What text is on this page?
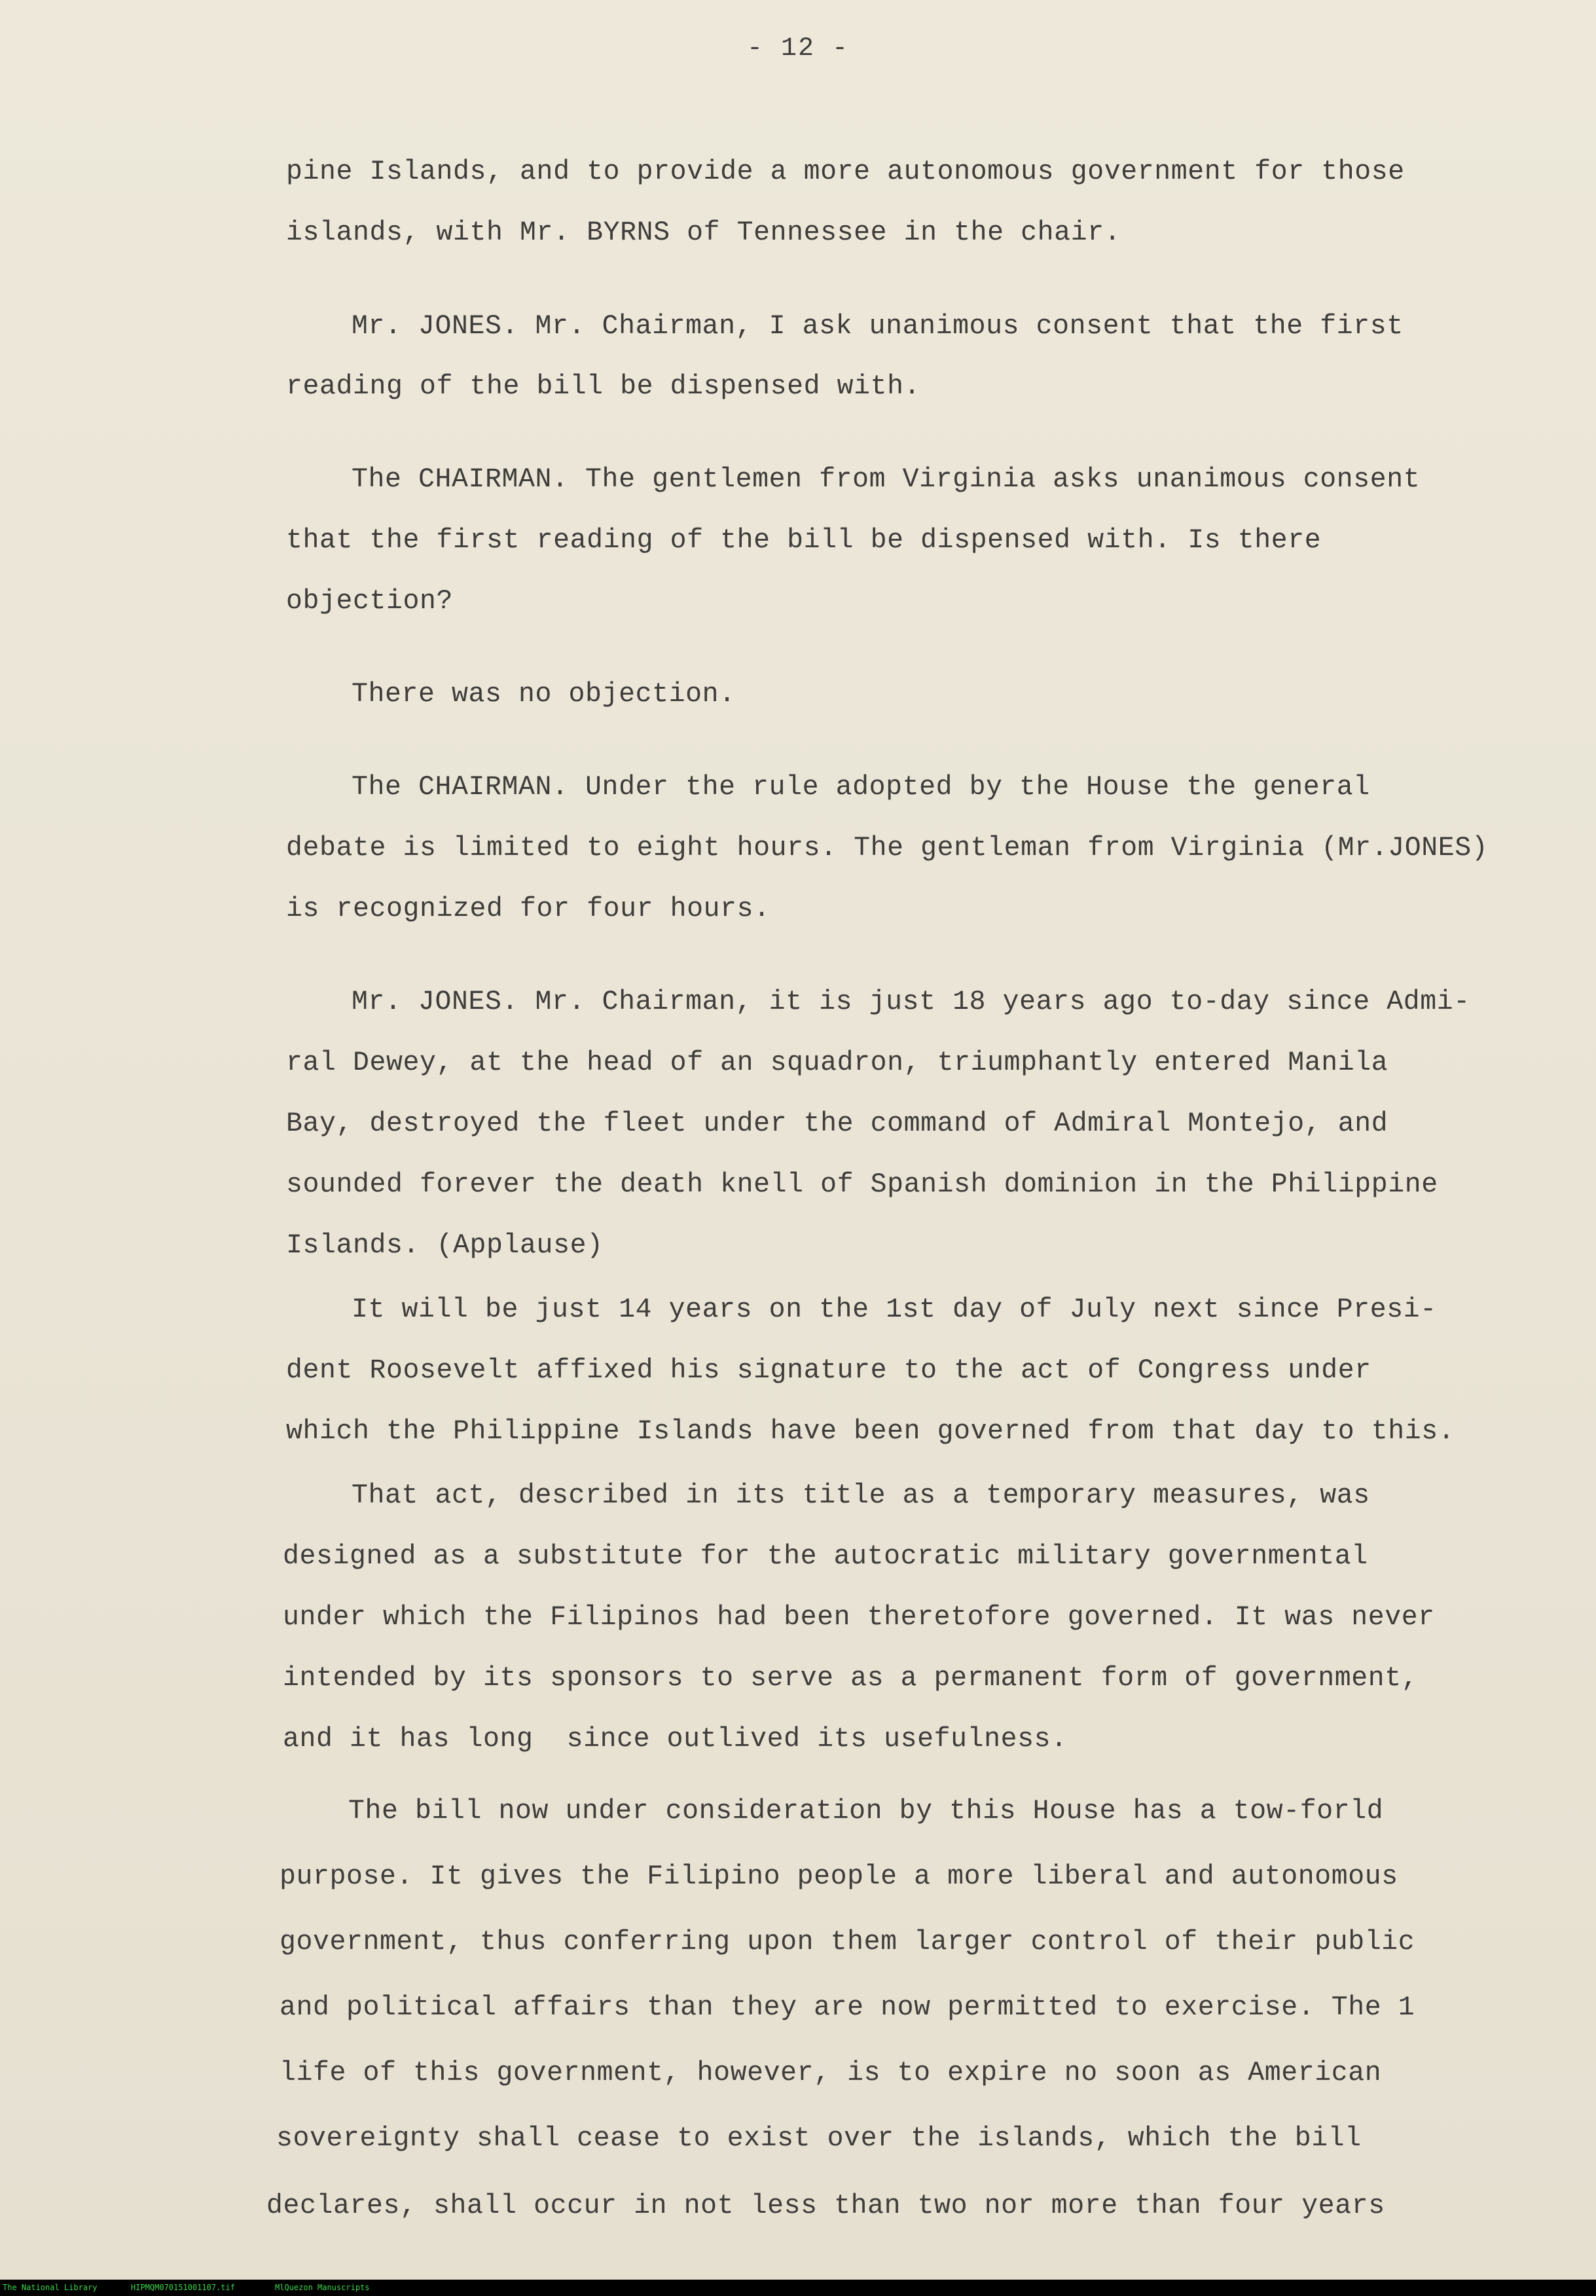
- 12 -
pine Islands, and to provide a more autonomous government for those
islands, with Mr. BYRNS of Tennessee in the chair.
Mr. JONES. Mr. Chairman, I ask unanimous consent that the first
reading of the bill be dispensed with.
The CHAIRMAN. The gentlemen from Virginia asks unanimous consent
that the first reading of the bill be dispensed with. Is there
objection?
There was no objection.
The CHAIRMAN. Under the rule adopted by the House the general
debate is limited to eight hours. The gentleman from Virginia (Mr.JONES)
is recognized for four hours.
Mr. JONES. Mr. Chairman, it is just 18 years ago to-day since Admi-
ral Dewey, at the head of an squadron, triumphantly entered Manila
Bay, destroyed the fleet under the command of Admiral Montejo, and
sounded forever the death knell of Spanish dominion in the Philippine
Islands. (Applause)
It will be just 14 years on the 1st day of July next since Presi-
dent Roosevelt affixed his signature to the act of Congress under
which the Philippine Islands have been governed from that day to this.
That act, described in its title as a temporary measures, was
designed as a substitute for the autocratic military governmental
under which the Filipinos had been theretofore governed. It was never
intended by its sponsors to serve as a permanent form of government,
and it has long  since outlived its usefulness.
The bill now under consideration by this House has a tow-forld
purpose. It gives the Filipino people a more liberal and autonomous
government, thus conferring upon them larger control of their public
and political affairs than they are now permitted to exercise. The 1
life of this government, however, is to expire no soon as American
sovereignty shall cease to exist over the islands, which the bill
declares, shall occur in not less than two nor more than four years
The National Library	HIPMQM070151001107.tif	MlQuezon Manuscripts
